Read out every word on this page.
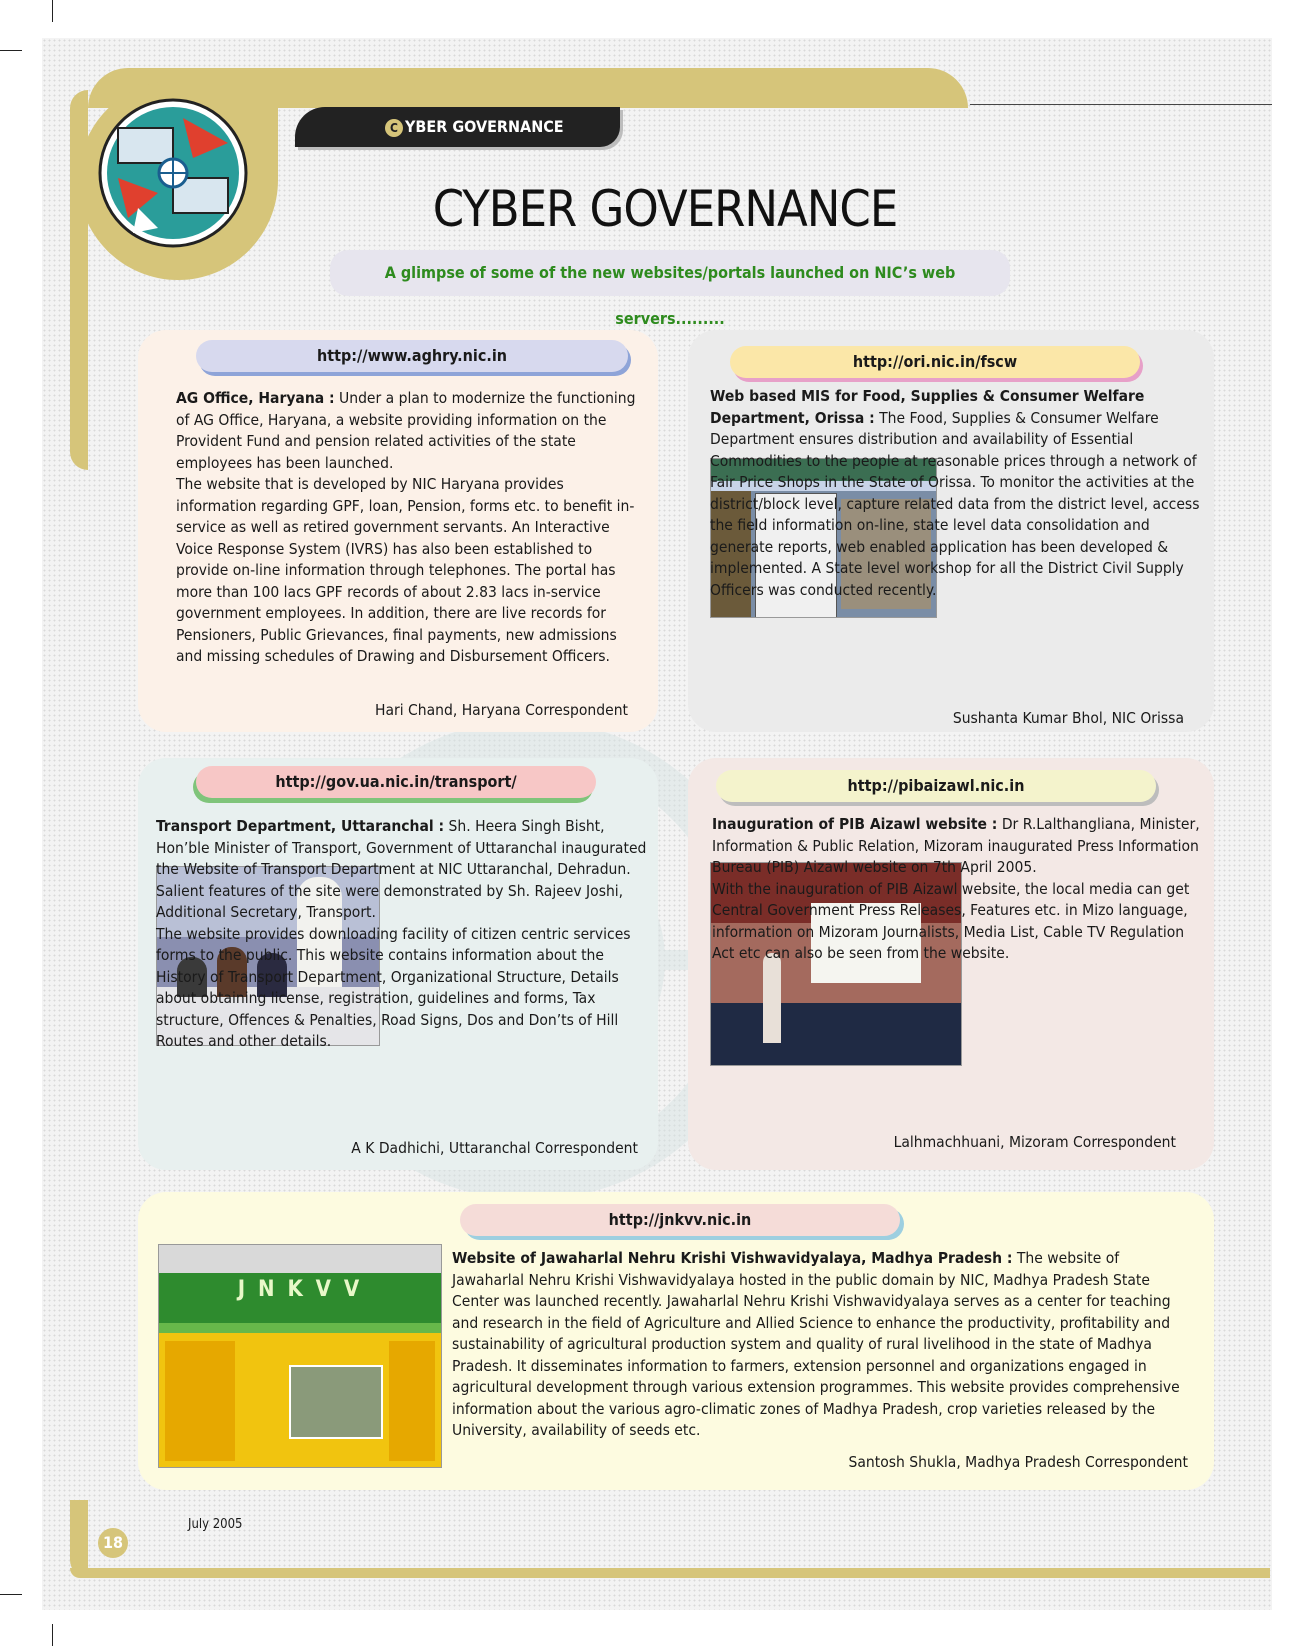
C YBER GOVERNANCE
CYBER GOVERNANCE
A glimpse of some of the new websites/portals launched on NIC’s web servers.........
http://www.aghry.nic.in
AG Office, Haryana : Under a plan to modernize the functioning of AG Office, Haryana, a website providing information on the Provident Fund and pension related activities of the state employees has been launched.
The website that is developed by NIC Haryana provides information regarding GPF, loan, Pension, forms etc. to benefit in-service as well as retired government servants. An Interactive Voice Response System (IVRS) has also been established to provide on-line information through telephones. The portal has more than 100 lacs GPF records of about 2.83 lacs in-service government employees. In addition, there are live records for Pensioners, Public Grievances, final payments, new admissions and missing schedules of Drawing and Disbursement Officers.
Hari Chand, Haryana Correspondent
http://ori.nic.in/fscw
Web based MIS for Food, Supplies & Consumer Welfare Department, Orissa : The Food, Supplies & Consumer Welfare Department ensures distribution and availability of Essential Commodities to the people at reasonable prices through a network of Fair Price Shops in the State of Orissa. To monitor the activities at the district/block level, capture related data from the district level, access the field information on-line, state level data consolidation and generate reports, web enabled application has been developed & implemented. A State level workshop for all the District Civil Supply Officers was conducted recently.
Sushanta Kumar Bhol, NIC Orissa
http://gov.ua.nic.in/transport/
Transport Department, Uttaranchal : Sh. Heera Singh Bisht, Hon’ble Minister of Transport, Government of Uttaranchal inaugurated the Website of Transport Department at NIC Uttaranchal, Dehradun. Salient features of the site were demonstrated by Sh. Rajeev Joshi, Additional Secretary, Transport.
The website provides downloading facility of citizen centric services forms to the public. This website contains information about the History of Transport Department, Organizational Structure, Details about obtaining license, registration, guidelines and forms, Tax structure, Offences & Penalties, Road Signs, Dos and Don’ts of Hill Routes and other details.
A K Dadhichi, Uttaranchal Correspondent
http://pibaizawl.nic.in
Inauguration of PIB Aizawl website : Dr R.Lalthangliana, Minister, Information & Public Relation, Mizoram inaugurated Press Information Bureau (PIB) Aizawl website on 7th April 2005.
With the inauguration of PIB Aizawl website, the local media can get Central Government Press Releases, Features etc. in Mizo language, information on Mizoram Journalists, Media List, Cable TV Regulation Act etc can also be seen from the website.
Lalhmachhuani, Mizoram Correspondent
http://jnkvv.nic.in
J N K V V
Website of Jawaharlal Nehru Krishi Vishwavidyalaya, Madhya Pradesh : The website of Jawaharlal Nehru Krishi Vishwavidyalaya hosted in the public domain by NIC, Madhya Pradesh State Center was launched recently. Jawaharlal Nehru Krishi Vishwavidyalaya serves as a center for teaching and research in the field of Agriculture and Allied Science to enhance the productivity, profitability and sustainability of agricultural production system and quality of rural livelihood in the state of Madhya Pradesh. It disseminates information to farmers, extension personnel and organizations engaged in agricultural development through various extension programmes. This website provides comprehensive information about the various agro-climatic zones of Madhya Pradesh, crop varieties released by the University, availability of seeds etc.
Santosh Shukla, Madhya Pradesh Correspondent
18
July 2005
